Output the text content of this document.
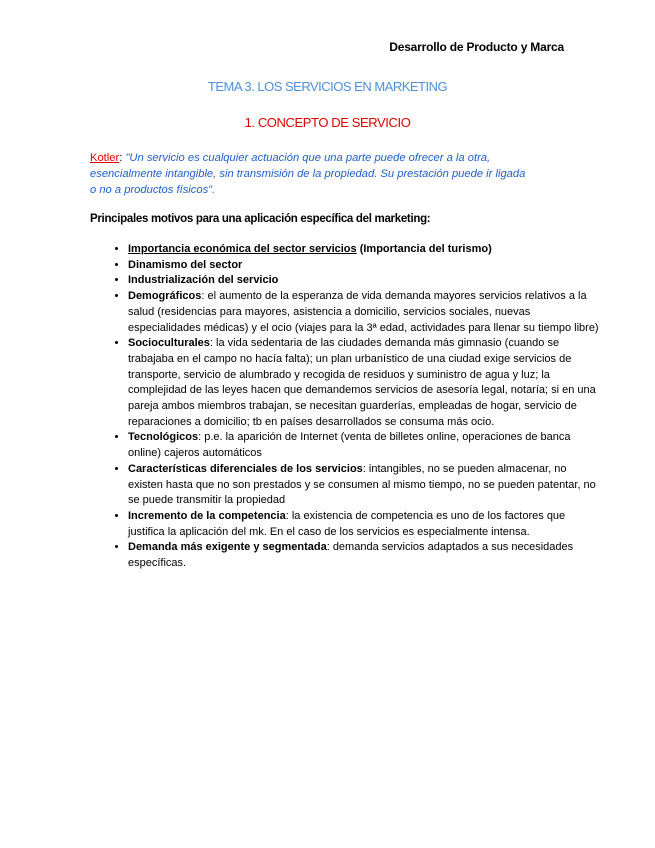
Desarrollo de Producto y Marca
TEMA 3. LOS SERVICIOS EN MARKETING
1. CONCEPTO DE SERVICIO
Kotler: "Un servicio es cualquier actuación que una parte puede ofrecer a la otra, esencialmente intangible, sin transmisión de la propiedad. Su prestación puede ir ligada o no a productos físicos".
Principales motivos para una aplicación específica del marketing:
• Importancia económica del sector servicios (Importancia del turismo)
• Dinamismo del sector
• Industrialización del servicio
• Demográficos: el aumento de la esperanza de vida demanda mayores servicios relativos a la salud (residencias para mayores, asistencia a domicilio, servicios sociales, nuevas especialidades médicas) y el ocio (viajes para la 3ª edad, actividades para llenar su tiempo libre)
• Socioculturales: la vida sedentaria de las ciudades demanda más gimnasio (cuando se trabajaba en el campo no hacía falta); un plan urbanístico de una ciudad exige servicios de transporte, servicio de alumbrado y recogida de residuos y suministro de agua y luz; la complejidad de las leyes hacen que demandemos servicios de asesoría legal, notaría; si en una pareja ambos miembros trabajan, se necesitan guarderías, empleadas de hogar, servicio de reparaciones a domicilio; tb en países desarrollados se consuma más ocio.
• Tecnológicos: p.e. la aparición de Internet (venta de billetes online, operaciones de banca online) cajeros automáticos
• Características diferenciales de los servicios: intangibles, no se pueden almacenar, no existen hasta que no son prestados y se consumen al mismo tiempo, no se pueden patentar, no se puede transmitir la propiedad
• Incremento de la competencia: la existencia de competencia es uno de los factores que justifica la aplicación del mk. En el caso de los servicios es especialmente intensa.
• Demanda más exigente y segmentada: demanda servicios adaptados a sus necesidades específicas.
